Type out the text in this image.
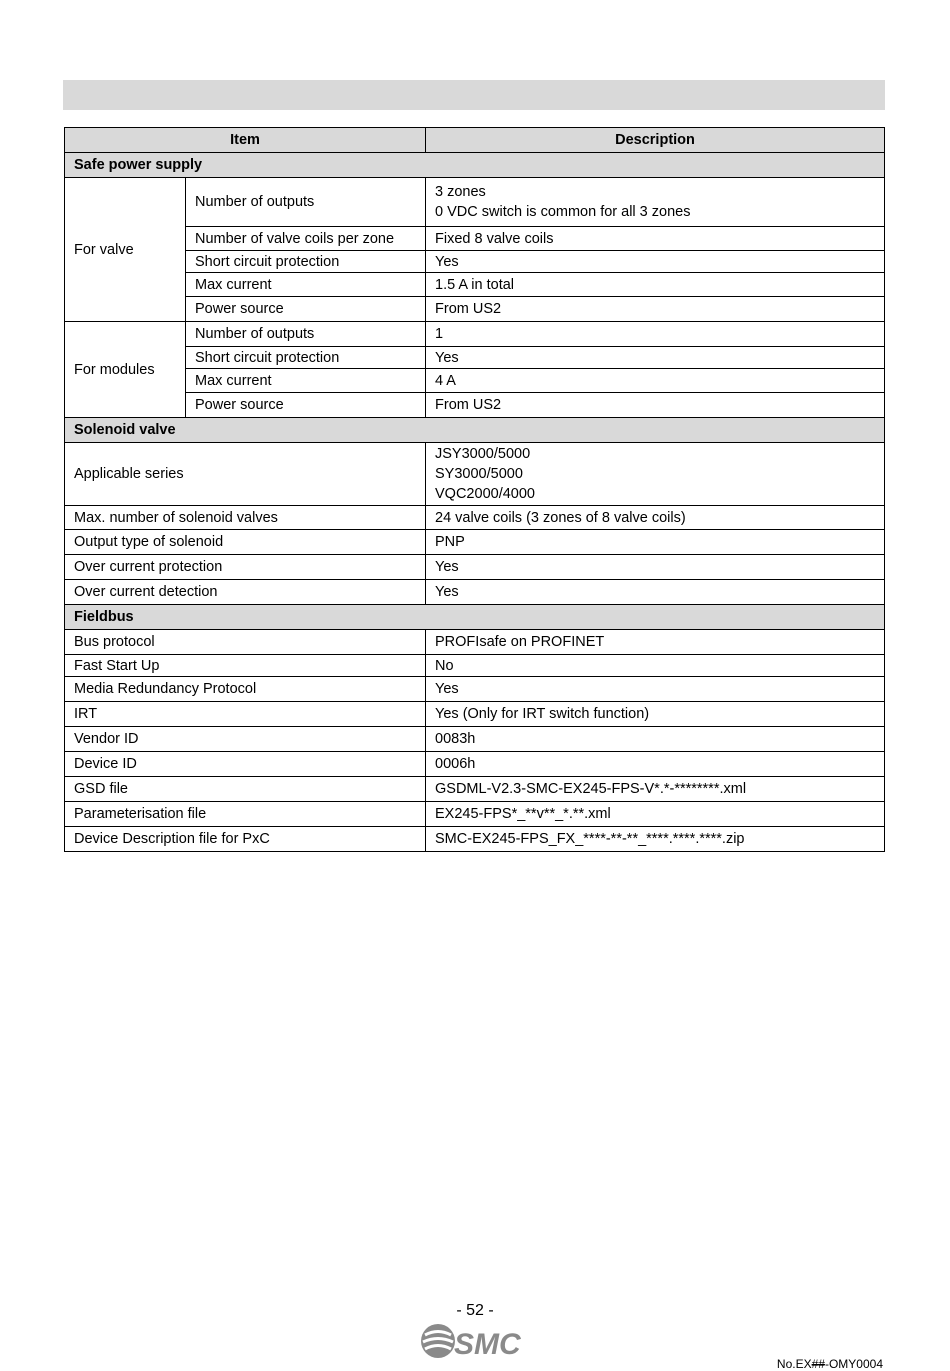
Item		Description
Safe power supply		
For valve	Number of outputs	3 zones
0 VDC switch is common for all 3 zones

	Number of valve coils per zone	Fixed 8 valve coils
	Short circuit protection	Yes
	Max current	1.5 A in total
	Power source	From US2
For modules	Number of outputs	1
	Short circuit protection	Yes
	Max current	4 A
	Power source	From US2
Solenoid valve		
Applicable series		JSY3000/5000
SY3000/5000
VQC2000/4000

Max. number of solenoid valves		24 valve coils (3 zones of 8 valve coils)
Output type of solenoid		PNP
Over current protection		Yes
Over current detection		Yes
Fieldbus		
Bus protocol		PROFIsafe on PROFINET
Fast Start Up		No
Media Redundancy Protocol		Yes
IRT		Yes (Only for IRT switch function)
Vendor ID		0083h
Device ID		0006h
GSD file		GSDML-V2.3-SMC-EX245-FPS-V*.*-********.xml
Parameterisation file		EX245-FPS*_**v**_*.**.xml
Device Description file for PxC		SMC-EX245-FPS_FX_****-**-**_****.****.****.zip
- 52 -
SMC
No.EX##-OMY0004
